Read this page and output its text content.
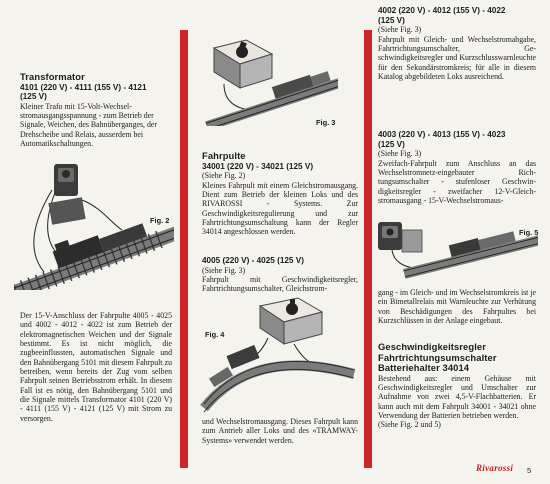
Transformator
4101 (220 V) - 4111 (155 V) - 4121
(125 V)
Kleiner Trafo mit 15-Volt-Wechselstromausgangsspannung - zum Betrieb der Signale, Weichen, des Bahnüberganges, der Drehscheibe und Relais, ausserdem bei Automatikschaltungen.
Fig. 2
Der 15-V-Anschluss der Fahrpulte 4005 - 4025 und 4002 - 4012 - 4022 ist zum Betrieb der elektromagnetischen Weichen und der Signale bestimmt. Es ist nicht möglich, die zugbeeinflussten, automatischen Signale und den Bahnübergang 5101 mit diesem Fahrpult zu betreiben, wenn bereits der Zug vom selben Fahrpult seinen Betriebsstrom erhält. In diesem Fall ist es nötig, den Bahnübergang 5101 und die Signale mittels Transformator 4101 (220 V) - 4111 (155 V) - 4121 (125 V) mit Strom zu versorgen.
Fig. 3
Fahrpulte
34001 (220 V) - 34021 (125 V)
(Siehe Fig. 2)
Kleines Fahrpult mit einem Gleichstromausgang. Dient zum Betrieb der kleinen Loks und des RIVAROSSI - Systems. Zur Geschwindigkeitsregulierung und zur Fahrtrichtungsumschaltung kann der Regler 34014 angeschlossen werden.
4005 (220 V) - 4025 (125 V)
(Siehe Fig. 3)
Fahrpult mit Geschwindigkeitsregler, Fahrtrichtungsumschalter, Gleichstrom-
Fig. 4
und Wechselstromausgang. Dieses Fahrpult kann zum Antrieb aller Loks und des «TRAMWAY-Systems» verwendet werden.
4002 (220 V) - 4012 (155 V) - 4022
(125 V)
(Siehe Fig. 3)
Fahrpult mit Gleich- und Wechselstromabgabe, Fahrtrichtungsumschalter, Geschwindigkeitsregler und Kurzschlusswarnleuchte für den Sekundärstromkreis; für alle in diesem Katalog abgebildeten Loks ausreichend.
4003 (220 V) - 4013 (155 V) - 4023
(125 V)
(Siehe Fig. 3)
Zweifach-Fahrpult zum Anschluss an das Wechselstromnetz-eingebauter Richtungsumschalter - stufenloser Geschwindigkeitsregler - zweifacher 12-V-Gleichstromausgang - 15-V-Wechselstromaus-
Fig. 5
gang - im Gleich- und im Wechselstromkreis ist je ein Bimetallrelais mit Warnleuchte zur Verhütung von Beschädigungen des Fahrpultes bei Kurzschlüssen in der Anlage eingebaut.
Geschwindigkeitsregler
Fahrtrichtungsumschalter
Batteriehalter 34014
Bestehend aus: einem Gehäuse mit Geschwindigkeitsregler und Umschalter zur Aufnahme von zwei 4,5-V-Flachbatterien. Er kann auch mit dem Fahrpult 34001 - 34021 ohne Verwendung der Batterien betrieben werden.
(Siehe Fig. 2 und 5)
Rivarossi 5
